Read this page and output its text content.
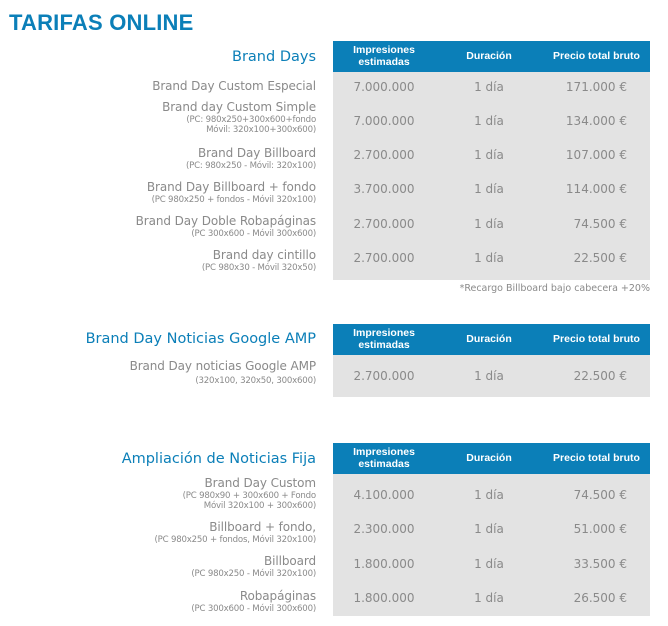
TARIFAS ONLINE
Brand Days	Impresiones estimadas	Duración	Precio total bruto
Brand Day Custom Especial	7.000.000	1 día	171.000 €
Brand day Custom Simple
(PC: 980x250+300x600+fondo
Móvil: 320x100+300x600)
7.000.000	1 día	134.000 €
Brand Day Billboard
(PC: 980x250 - Móvil: 320x100)
2.700.000	1 día	107.000 €
Brand Day Billboard + fondo
(PC 980x250 + fondos - Móvil 320x100)
3.700.000	1 día	114.000 €
Brand Day Doble Robapáginas
(PC 300x600 - Móvil 300x600)
2.700.000	1 día	74.500 €
Brand day cintillo
(PC 980x30 - Móvil 320x50)
2.700.000	1 día	22.500 €
*Recargo Billboard bajo cabecera +20%
Brand Day Noticias Google AMP	Impresiones estimadas	Duración	Precio total bruto
Brand Day noticias Google AMP
(320x100, 320x50, 300x600)	2.700.000	1 día	22.500 €
Ampliación de Noticias Fija	Impresiones estimadas	Duración	Precio total bruto
Brand Day Custom
(PC 980x90 + 300x600 + Fondo
Móvil 320x100 + 300x600)
4.100.000	1 día	74.500 €
Billboard + fondo,
(PC 980x250 + fondos, Móvil 320x100)
2.300.000	1 día	51.000 €
Billboard
(PC 980x250 - Móvil 320x100)
1.800.000	1 día	33.500 €
Robapáginas
(PC 300x600 - Móvil 300x600)
1.800.000	1 día	26.500 €
